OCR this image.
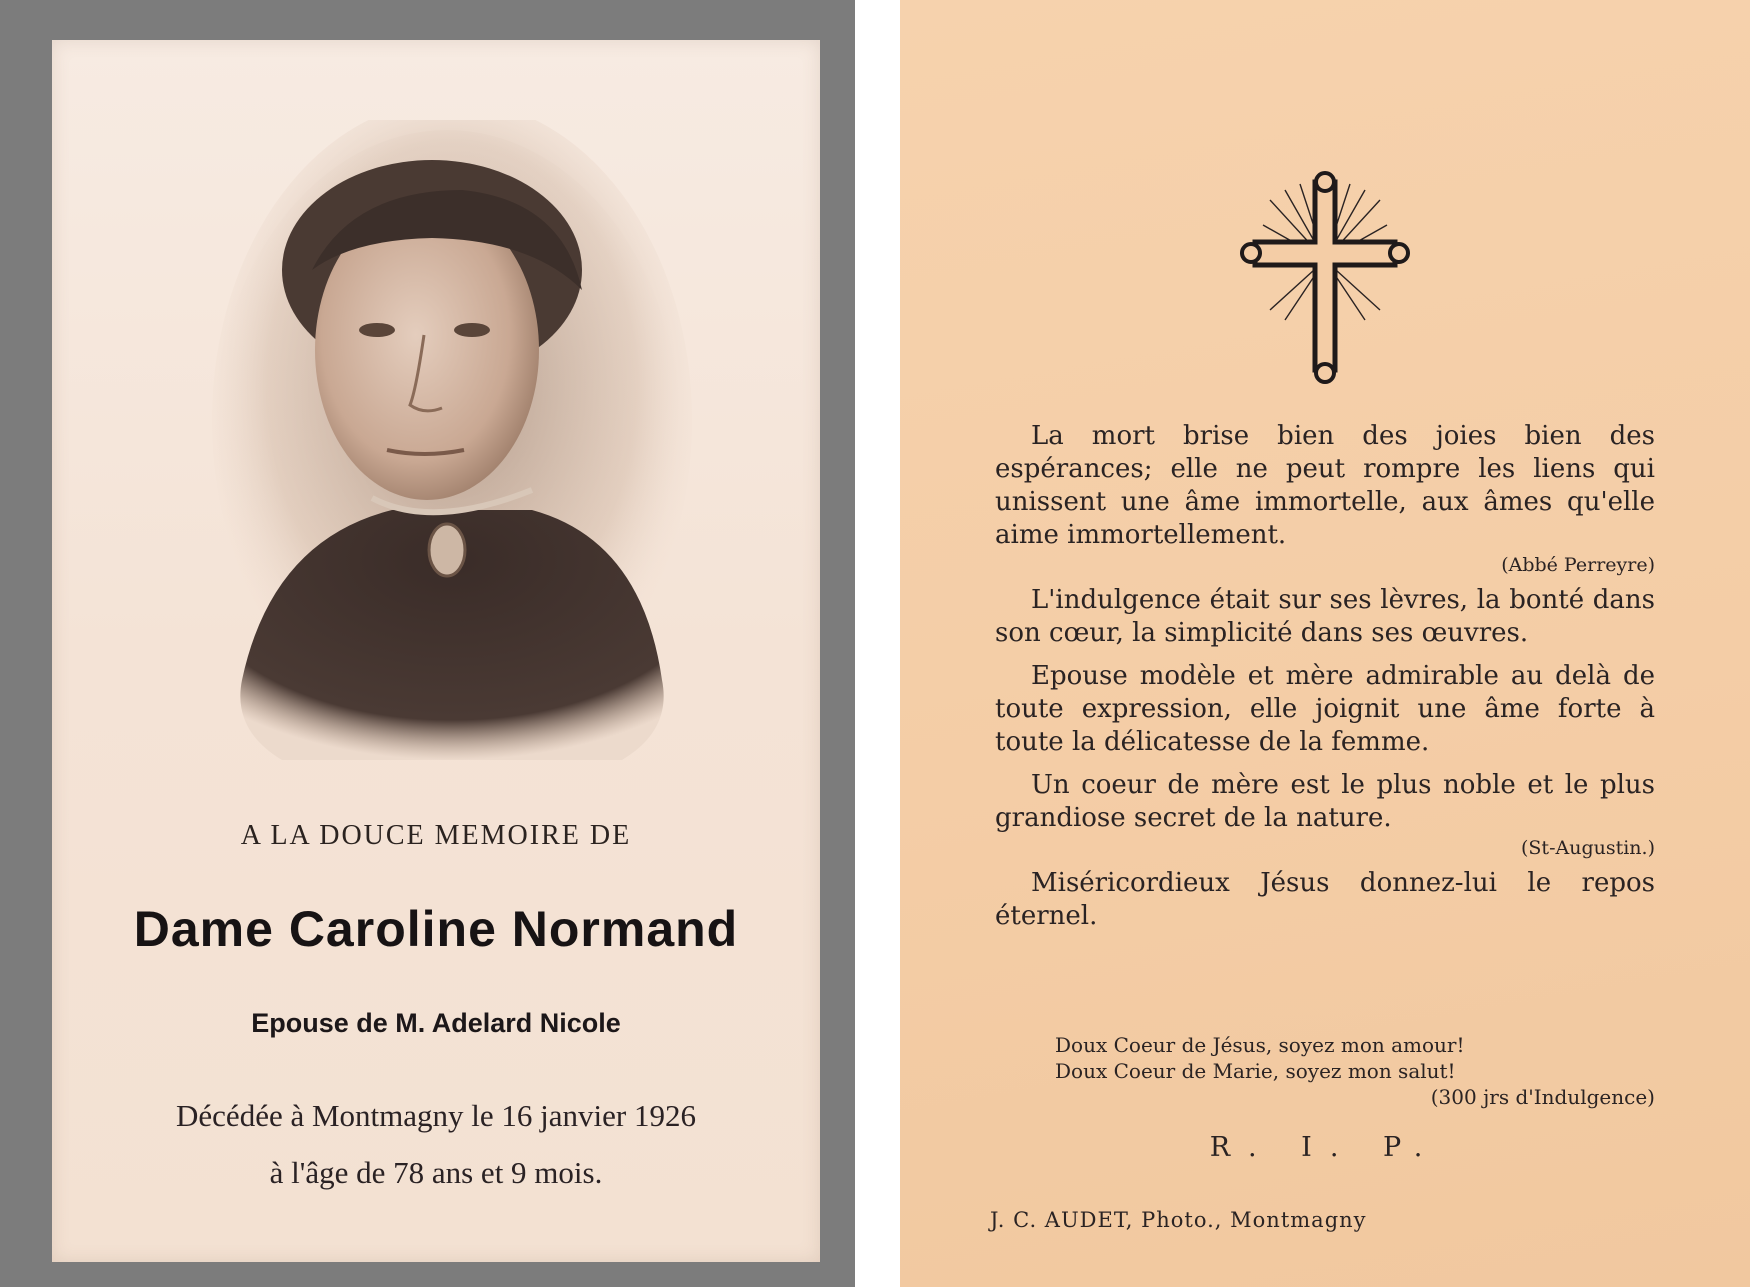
A LA DOUCE MEMOIRE DE
Dame Caroline Normand
Epouse de M. Adelard Nicole
Décédée à Montmagny le 16 janvier 1926
à l'âge de 78 ans et 9 mois.

La mort brise bien des joies bien des espérances; elle ne peut rompre les liens qui unissent une âme immortelle, aux âmes qu'elle aime immortellement.

(Abbé Perreyre)

L'indulgence était sur ses lèvres, la bonté dans son cœur, la simplicité dans ses œuvres.

Epouse modèle et mère admirable au delà de toute expression, elle joignit une âme forte à toute la délicatesse de la femme.

Un coeur de mère est le plus noble et le plus grandiose secret de la nature.

(St-Augustin.)

Miséricordieux Jésus donnez-lui le repos éternel.

Doux Coeur de Jésus, soyez mon amour!
Doux Coeur de Marie, soyez mon salut!
(300 jrs d'Indulgence)
R. I. P.
J. C. AUDET, Photo., Montmagny
